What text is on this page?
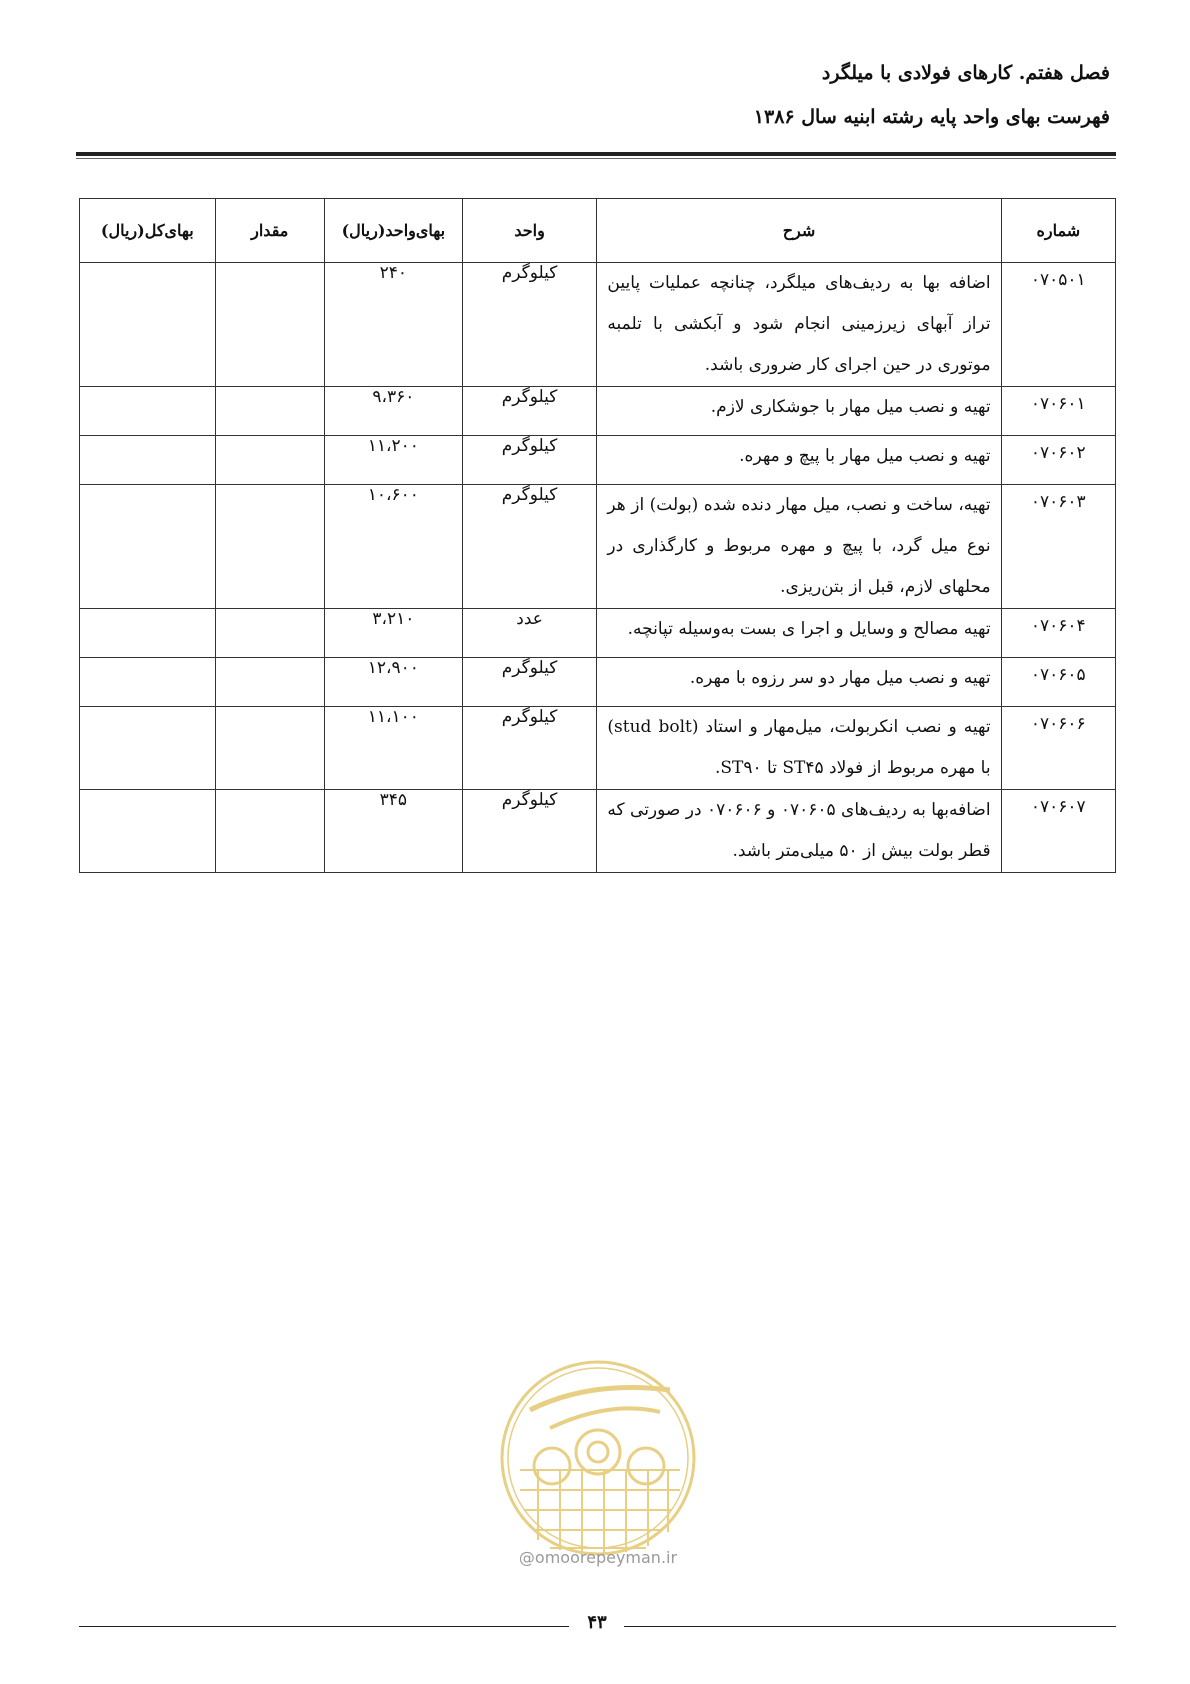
فصل هفتم. کارهای فولادی با میلگرد
فهرست بهای واحد پایه رشته ابنیه سال ۱۳۸۶
شماره	شرح	واحد	بهای‌واحد(ریال)	مقدار	بهای‌کل(ریال)
۰۷۰۵۰۱	اضافه بها به ردیف‌های میلگرد، چنانچه عملیات پایین تراز آبهای زیرزمینی انجام شود و آبکشی با تلمبه موتوری در حین اجرای کار ضروری باشد.	کیلوگرم	۲۴۰		
۰۷۰۶۰۱	تهیه و نصب میل مهار با جوشکاری لازم.	کیلوگرم	۹،۳۶۰		
۰۷۰۶۰۲	تهیه و نصب میل مهار با پیچ و مهره.	کیلوگرم	۱۱،۲۰۰		
۰۷۰۶۰۳	تهیه، ساخت و نصب، میل مهار دنده شده (بولت) از هر نوع میل گرد، با پیچ و مهره مربوط و کارگذاری در محلهای لازم، قبل از بتن‌ریزی.	کیلوگرم	۱۰،۶۰۰		
۰۷۰۶۰۴	تهیه مصالح و وسایل و اجرا ی بست به‌وسیله تپانچه.	عدد	۳،۲۱۰		
۰۷۰۶۰۵	تهیه و نصب میل مهار دو سر رزوه با مهره.	کیلوگرم	۱۲،۹۰۰		
۰۷۰۶۰۶	تهیه و نصب انکربولت، میل‌مهار و استاد (stud bolt) با مهره مربوط از فولاد ST۴۵ تا ST۹۰.	کیلوگرم	۱۱،۱۰۰		
۰۷۰۶۰۷	اضافه‌بها به ردیف‌های ۰۷۰۶۰۵ و ۰۷۰۶۰۶ در صورتی که قطر بولت بیش از ۵۰ میلی‌متر باشد.	کیلوگرم	۳۴۵		
@omoorepeyman.ir
۴۳
